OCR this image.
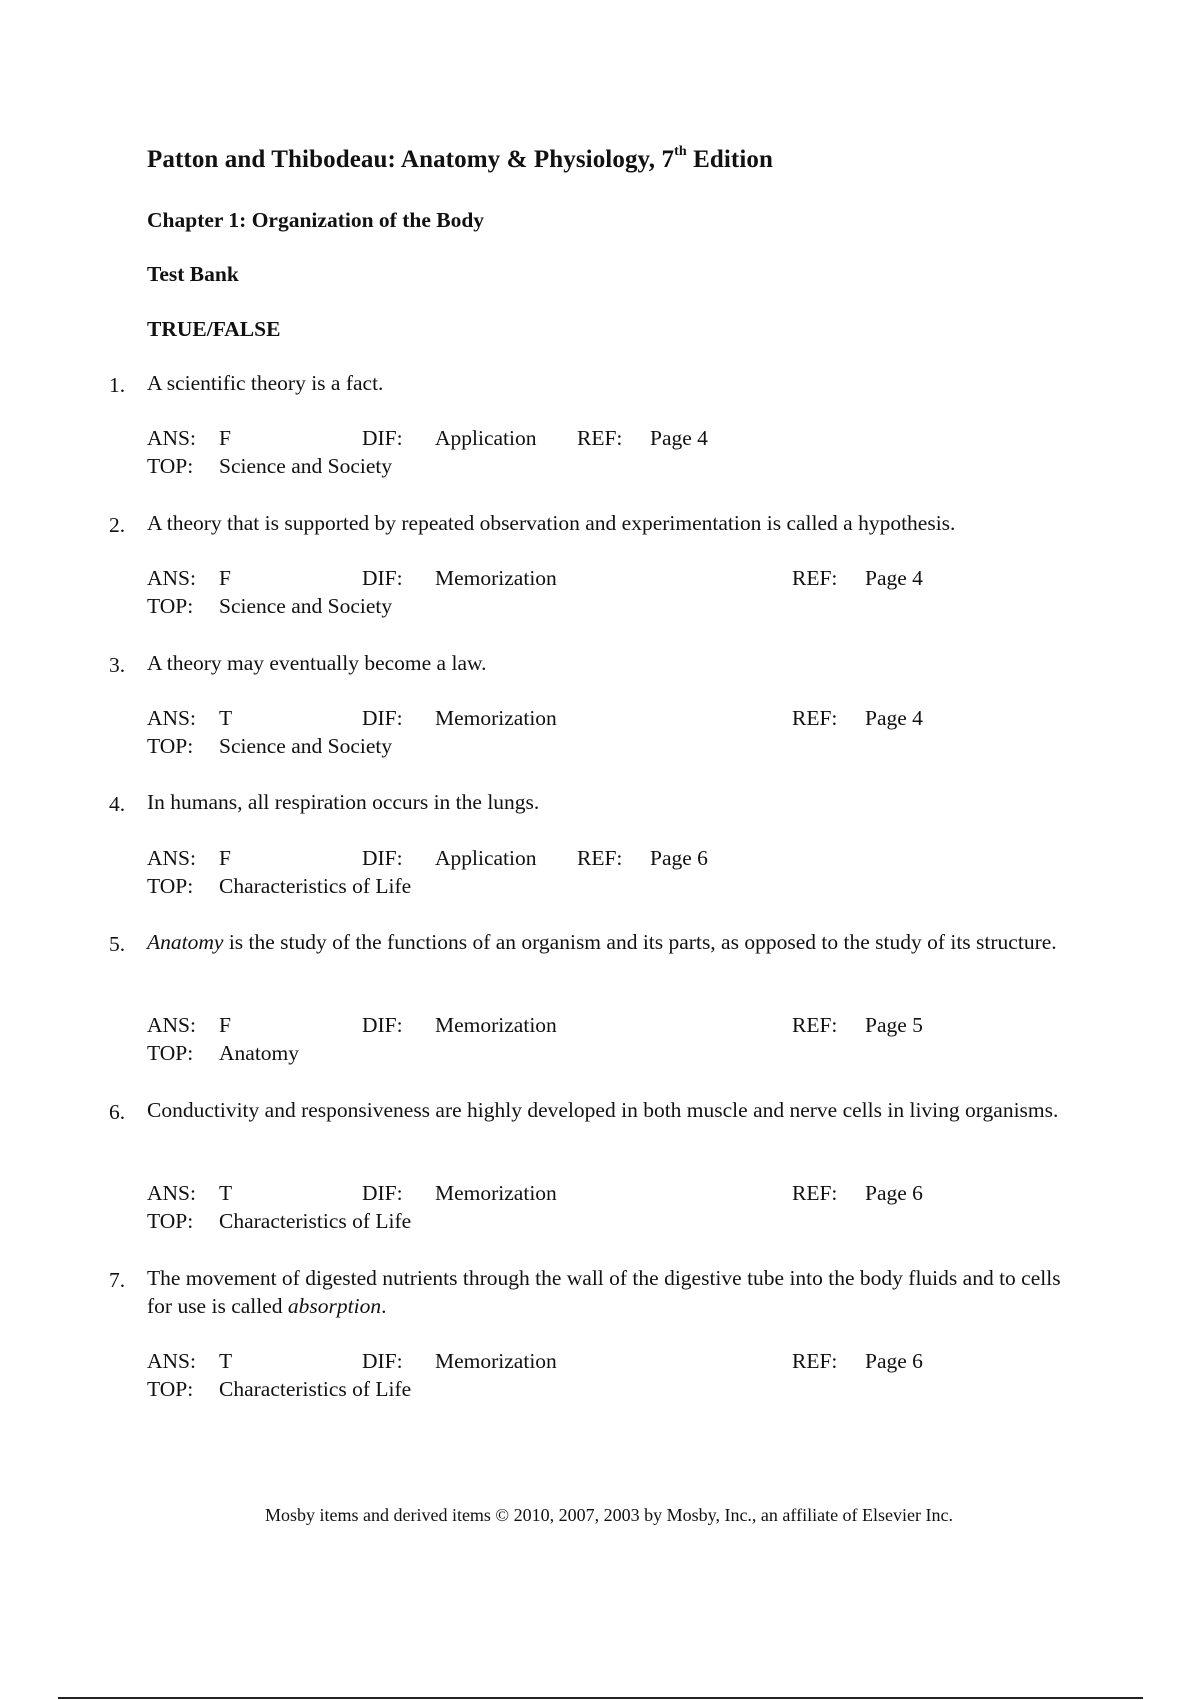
Patton and Thibodeau: Anatomy & Physiology, 7th Edition
Chapter 1: Organization of the Body
Test Bank
TRUE/FALSE
1. A scientific theory is a fact.
ANS: F	DIF: Application REF: Page 4
TOP: Science and Society
2. A theory that is supported by repeated observation and experimentation is called a hypothesis.
ANS: F	DIF: Memorization	REF: Page 4
TOP: Science and Society
3. A theory may eventually become a law.
ANS: T	DIF: Memorization	REF: Page 4
TOP: Science and Society
4. In humans, all respiration occurs in the lungs.
ANS: F	DIF: Application REF: Page 6
TOP: Characteristics of Life
5. Anatomy is the study of the functions of an organism and its parts, as opposed to the study of its structure.
ANS: F	DIF: Memorization	REF: Page 5
TOP: Anatomy
6. Conductivity and responsiveness are highly developed in both muscle and nerve cells in living organisms.
ANS: T	DIF: Memorization	REF: Page 6
TOP: Characteristics of Life
7. The movement of digested nutrients through the wall of the digestive tube into the body fluids and to cells for use is called absorption.
ANS: T	DIF: Memorization	REF: Page 6
TOP: Characteristics of Life
Mosby items and derived items © 2010, 2007, 2003 by Mosby, Inc., an affiliate of Elsevier Inc.
